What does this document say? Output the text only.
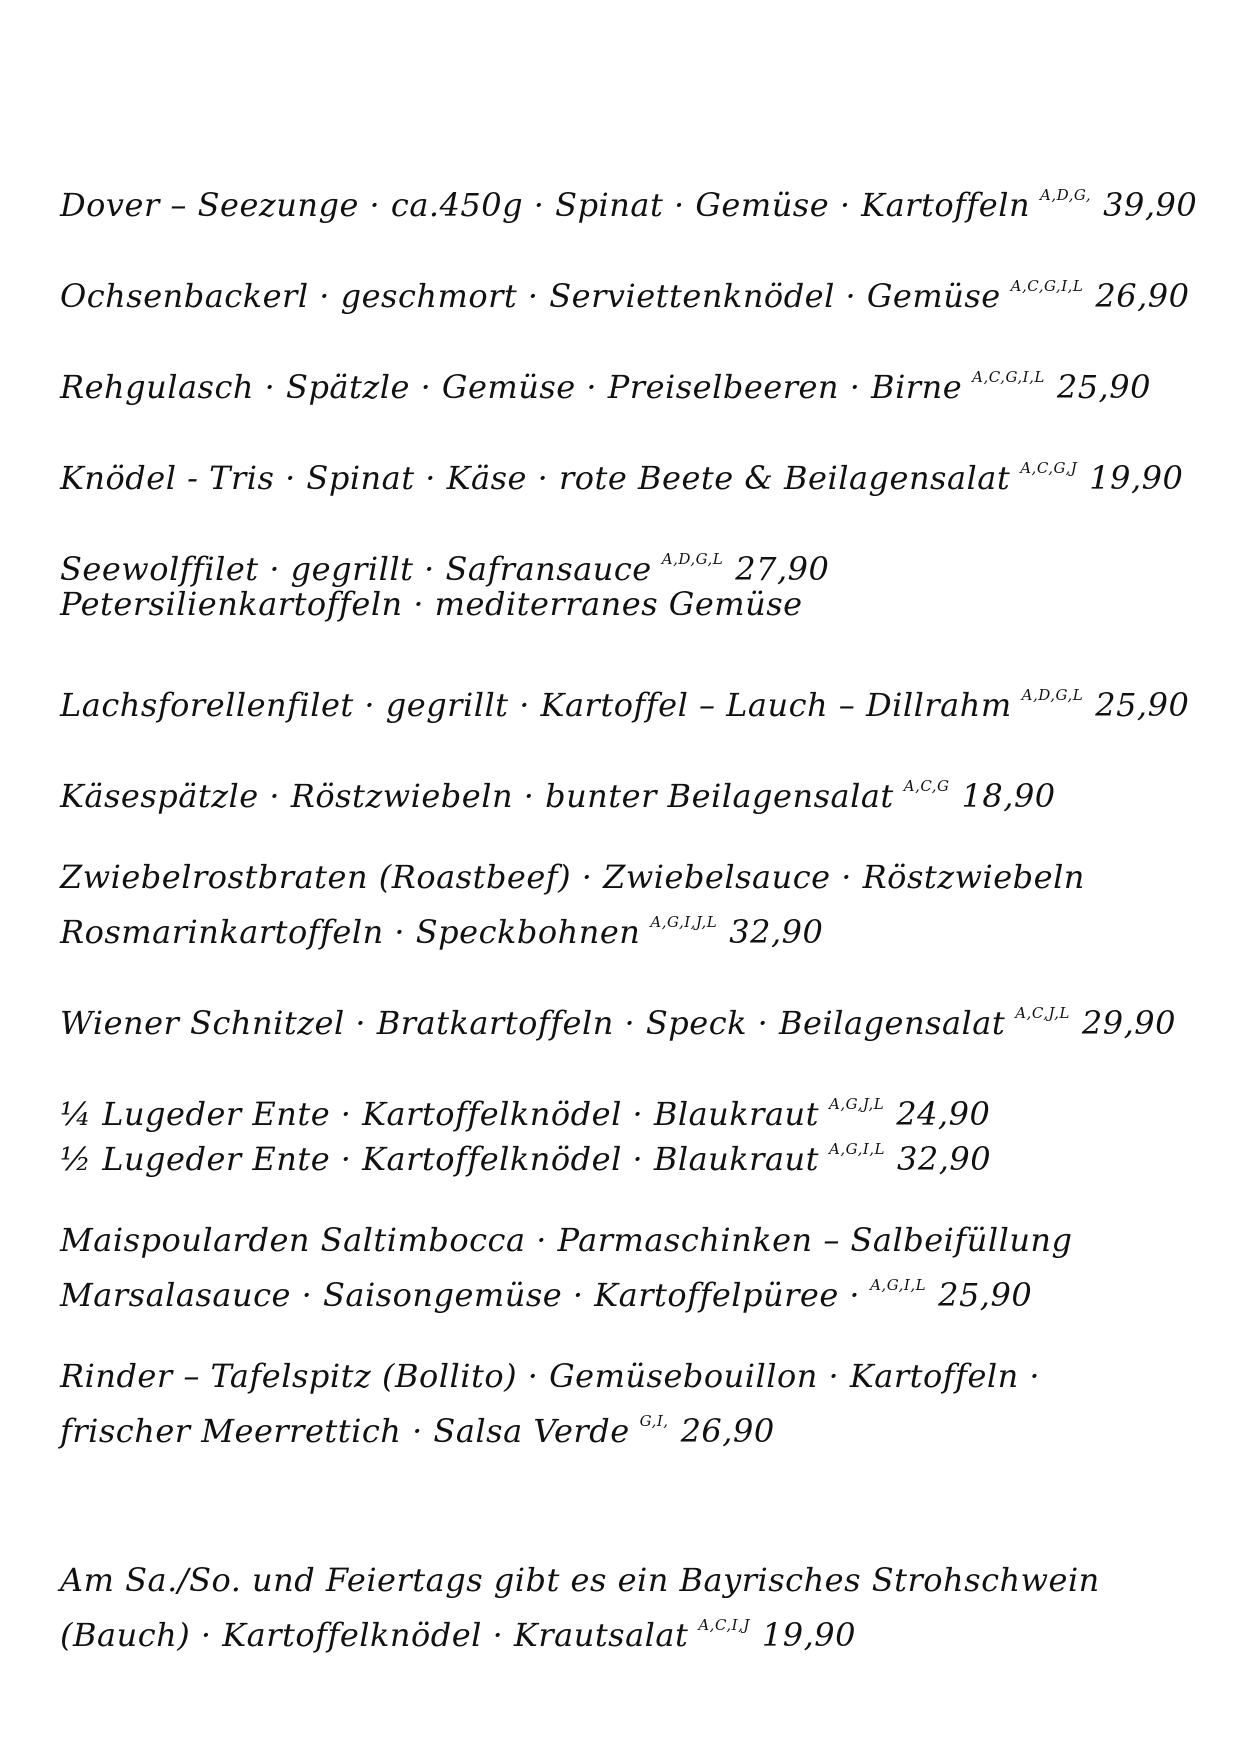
Dover – Seezunge · ca.450g · Spinat · Gemüse · Kartoffeln $^{A,D,G,}$ 39,90
Ochsenbackerl · geschmort · Serviettenknödel · Gemüse $^{A,C,G,I,L}$ 26,90
Rehgulasch · Spätzle · Gemüse · Preiselbeeren · Birne $^{A,C,G,I,L}$ 25,90
Knödel - Tris · Spinat · Käse · rote Beete & Beilagensalat $^{A,C,G,J}$ 19,90
Seewolffilet · gegrillt · Safransauce $^{A,D,G,L}$ 27,90
Petersilienkartoffeln · mediterranes Gemüse
Lachsforellenfilet · gegrillt · Kartoffel – Lauch – Dillrahm $^{A,D,G,L}$ 25,90
Käsespätzle · Röstzwiebeln · bunter Beilagensalat $^{A,C,G}$ 18,90
Zwiebelrostbraten (Roastbeef) · Zwiebelsauce · Röstzwiebeln
Rosmarinkartoffeln · Speckbohnen $^{A,G,I,J,L}$ 32,90
Wiener Schnitzel · Bratkartoffeln · Speck · Beilagensalat $^{A,C,J,L}$ 29,90
¼ Lugeder Ente · Kartoffelknödel · Blaukraut $^{A,G,J,L}$ 24,90
½ Lugeder Ente · Kartoffelknödel · Blaukraut $^{A,G,I,L}$ 32,90
Maispoularden Saltimbocca · Parmaschinken – Salbeifüllung
Marsalasauce · Saisongemüse · Kartoffelpüree · $^{A,G,I,L}$ 25,90
Rinder – Tafelspitz (Bollito) · Gemüsebouillon · Kartoffeln ·
frischer Meerrettich · Salsa Verde $^{G,I,}$ 26,90
Am Sa./So. und Feiertags gibt es ein Bayrisches Strohschwein
(Bauch) · Kartoffelknödel · Krautsalat $^{A,C,I,J}$ 19,90
